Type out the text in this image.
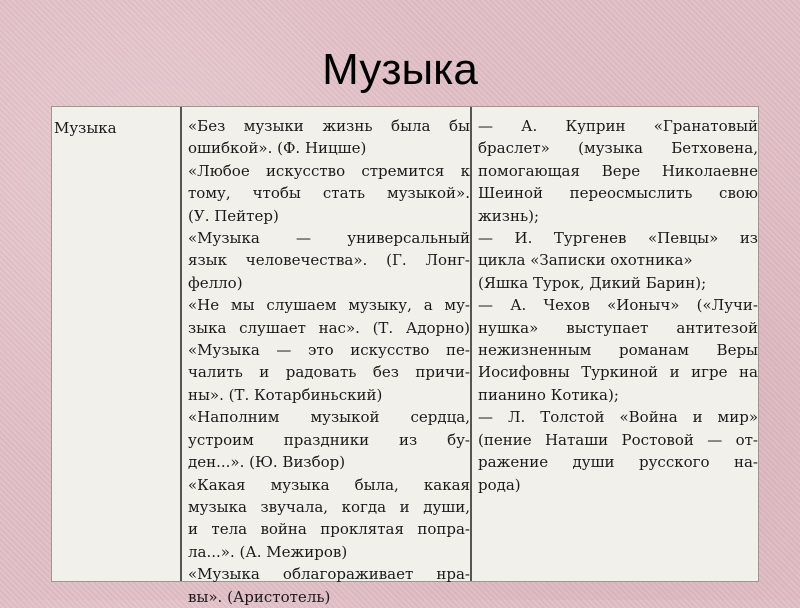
Музыка
Музыка	«Без музыки жизнь была бы
ошибкой». (Ф. Ницше)
«Любое искусство стремится к
тому, чтобы стать музыкой».
(У. Пейтер)
«Музыка — универсальный
язык человечества». (Г. Лонг-
фелло)
«Не мы слушаем музыку, а му-
зыка слушает нас». (Т. Адорно)
«Музыка — это искусство пе-
чалить и радовать без причи-
ны». (Т. Котарбиньский)
«Наполним музыкой сердца,
устроим праздники из бу-
ден...». (Ю. Визбор)
«Какая музыка была, какая
музыка звучала, когда и души,
и тела война проклятая попра-
ла...». (А. Межиров)
«Музыка облагораживает нра-
вы». (Аристотель)
— А. Куприн «Гранатовый
браслет» (музыка Бетховена,
помогающая Вере Николаевне
Шеиной переосмыслить свою
жизнь);
— И. Тургенев «Певцы» из
цикла «Записки охотника»
(Яшка Турок, Дикий Барин);
— А. Чехов «Ионыч» («Лучи-
нушка» выступает антитезой
нежизненным романам Веры
Иосифовны Туркиной и игре на
пианино Котика);
— Л. Толстой «Война и мир»
(пение Наташи Ростовой — от-
ражение души русского на-
рода)
